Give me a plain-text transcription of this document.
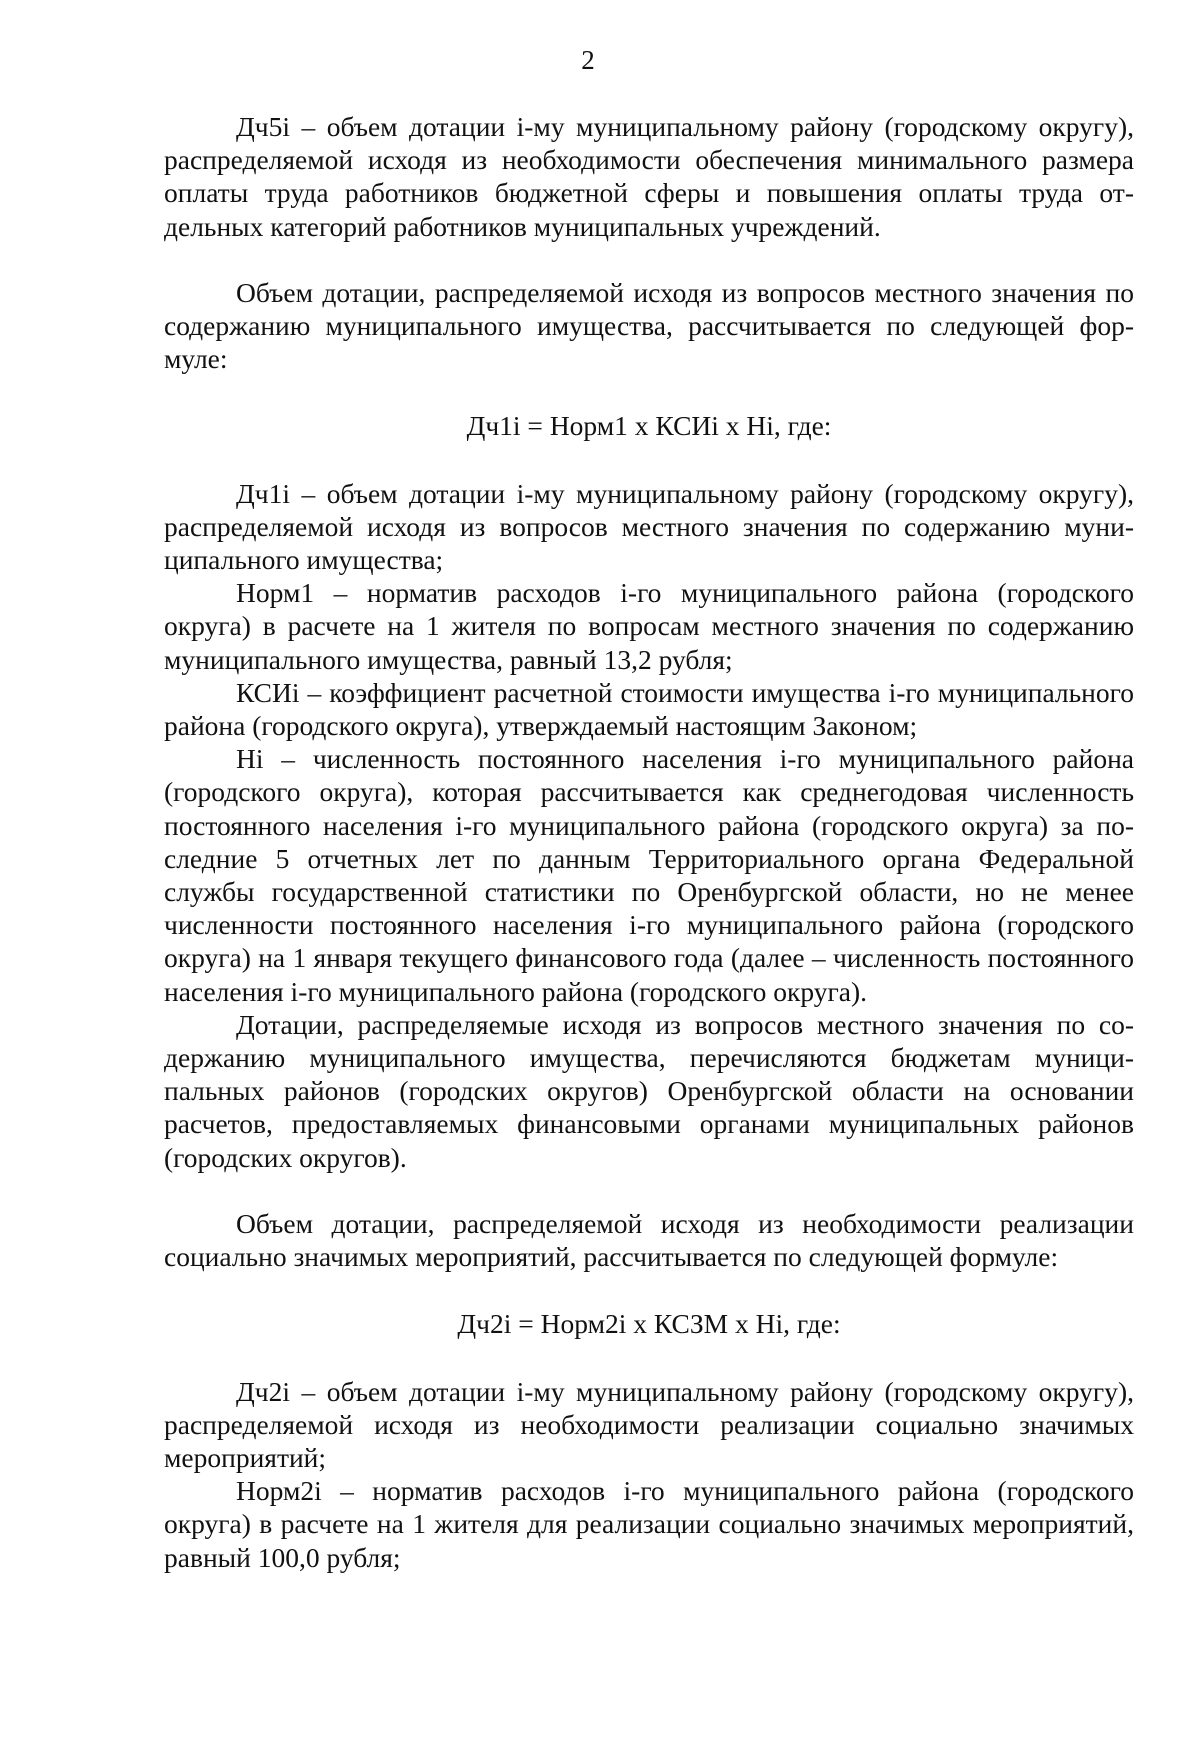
2

Дч5i – объем дотации i-му муниципальному району (городскому округу), распределяемой исходя из необходимости обеспечения минимального размера оплаты труда работников бюджетной сферы и повышения оплаты труда отдельных категорий работников муниципальных учреждений.

Объем дотации, распределяемой исходя из вопросов местного значения по содержанию муниципального имущества, рассчитывается по следующей формуле:

Дч1i = Норм1 х КСИi х Нi, где:

Дч1i – объем дотации i-му муниципальному району (городскому округу), распределяемой исходя из вопросов местного значения по содержанию муниципального имущества;

Норм1 – норматив расходов i-го муниципального района (городского округа) в расчете на 1 жителя по вопросам местного значения по содержанию муниципального имущества, равный 13,2 рубля;

КСИi – коэффициент расчетной стоимости имущества i-го муниципального района (городского округа), утверждаемый настоящим Законом;

Нi – численность постоянного населения i-го муниципального района (городского округа), которая рассчитывается как среднегодовая численность постоянного населения i-го муниципального района (городского округа) за последние 5 отчетных лет по данным Территориального органа Федеральной службы государственной статистики по Оренбургской области, но не менее численности постоянного населения i-го муниципального района (городского округа) на 1 января текущего финансового года (далее – численность постоянного населения i-го муниципального района (городского округа).

Дотации, распределяемые исходя из вопросов местного значения по содержанию муниципального имущества, перечисляются бюджетам муниципальных районов (городских округов) Оренбургской области на основании расчетов, предоставляемых финансовыми органами муниципальных районов (городских округов).

Объем дотации, распределяемой исходя из необходимости реализации социально значимых мероприятий, рассчитывается по следующей формуле:

Дч2i = Норм2i х КСЗМ х Нi, где:

Дч2i – объем дотации i-му муниципальному району (городскому округу), распределяемой исходя из необходимости реализации социально значимых мероприятий;

Норм2i – норматив расходов i-го муниципального района (городского округа) в расчете на 1 жителя для реализации социально значимых мероприятий, равный 100,0 рубля;
